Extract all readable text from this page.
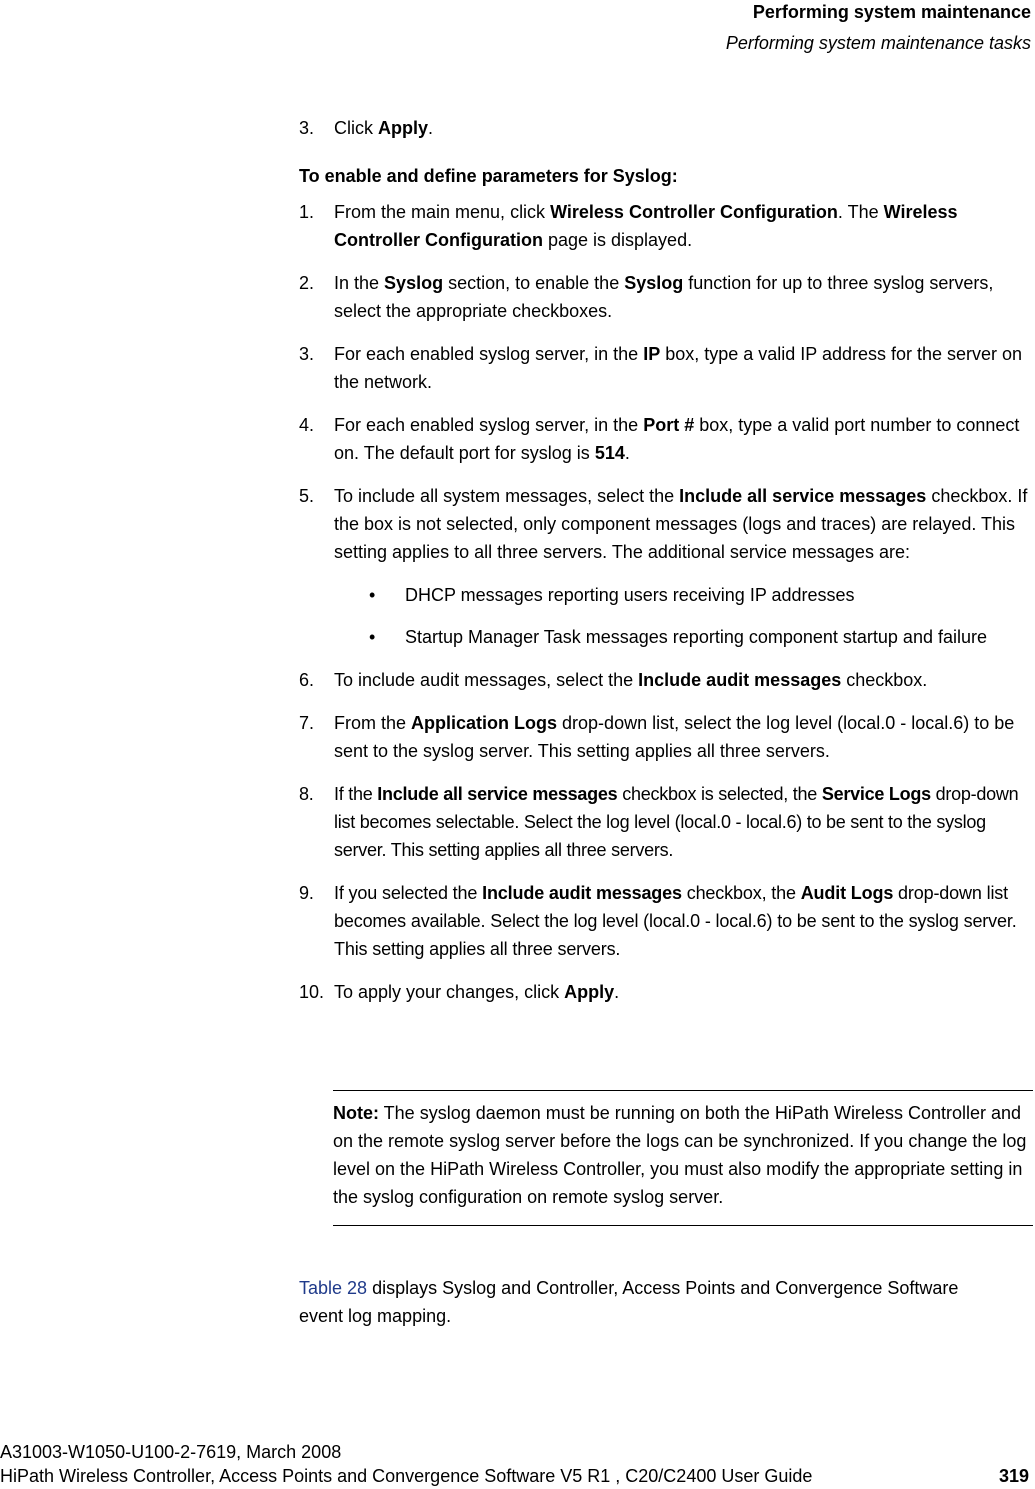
Performing system maintenance
Performing system maintenance tasks
3. Click Apply.
To enable and define parameters for Syslog:
1. From the main menu, click Wireless Controller Configuration. The Wireless Controller Configuration page is displayed.
2. In the Syslog section, to enable the Syslog function for up to three syslog servers, select the appropriate checkboxes.
3. For each enabled syslog server, in the IP box, type a valid IP address for the server on the network.
4. For each enabled syslog server, in the Port # box, type a valid port number to connect on. The default port for syslog is 514.
5. To include all system messages, select the Include all service messages checkbox. If the box is not selected, only component messages (logs and traces) are relayed. This setting applies to all three servers. The additional service messages are:
• DHCP messages reporting users receiving IP addresses
• Startup Manager Task messages reporting component startup and failure
6. To include audit messages, select the Include audit messages checkbox.
7. From the Application Logs drop-down list, select the log level (local.0 - local.6) to be sent to the syslog server. This setting applies all three servers.
8. If the Include all service messages checkbox is selected, the Service Logs drop-down list becomes selectable. Select the log level (local.0 - local.6) to be sent to the syslog server. This setting applies all three servers.
9. If you selected the Include audit messages checkbox, the Audit Logs drop-down list becomes available. Select the log level (local.0 - local.6) to be sent to the syslog server. This setting applies all three servers.
10. To apply your changes, click Apply.
Note: The syslog daemon must be running on both the HiPath Wireless Controller and on the remote syslog server before the logs can be synchronized. If you change the log level on the HiPath Wireless Controller, you must also modify the appropriate setting in the syslog configuration on remote syslog server.
Table 28 displays Syslog and Controller, Access Points and Convergence Software event log mapping.
A31003-W1050-U100-2-7619, March 2008
HiPath Wireless Controller, Access Points and Convergence Software V5 R1 , C20/C2400 User Guide	319
